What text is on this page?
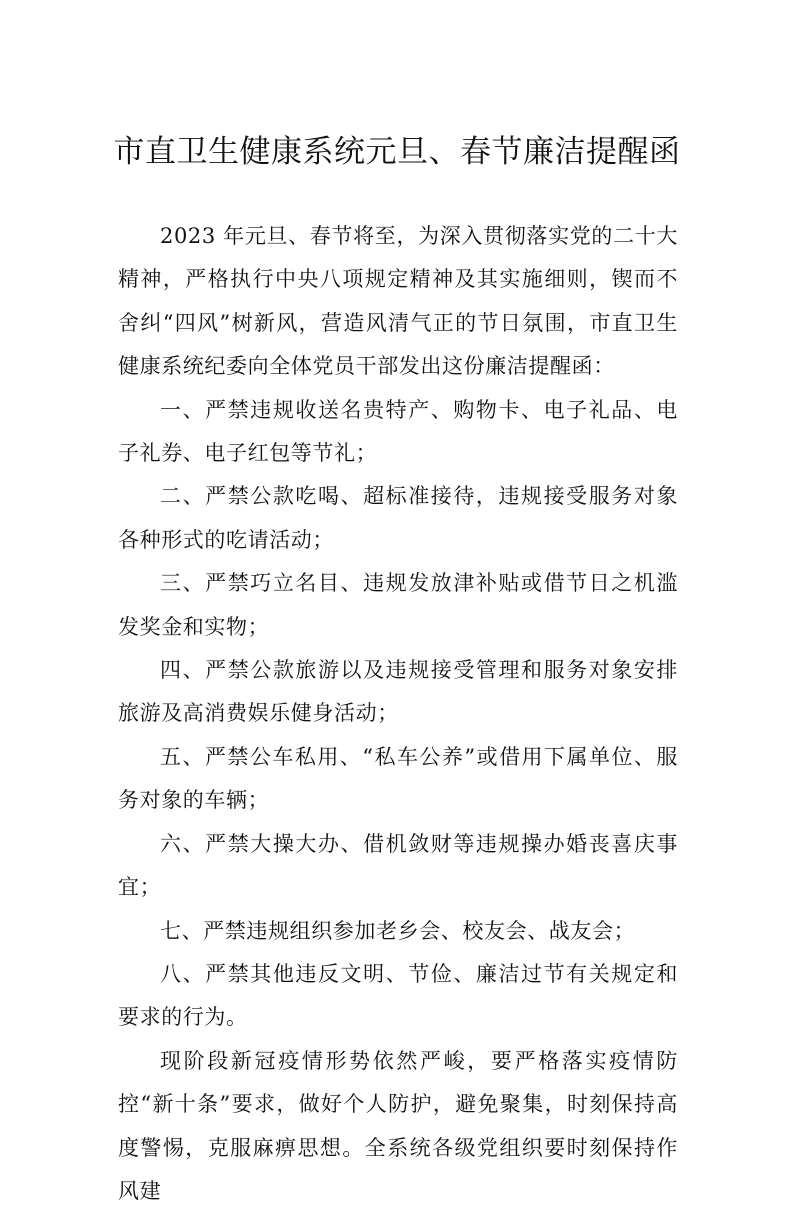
市直卫生健康系统元旦、春节廉洁提醒函

2023 年元旦、春节将至，为深入贯彻落实党的二十大精神，严格执行中央八项规定精神及其实施细则，锲而不舍纠“四风”树新风，营造风清气正的节日氛围，市直卫生健康系统纪委向全体党员干部发出这份廉洁提醒函：

一、严禁违规收送名贵特产、购物卡、电子礼品、电子礼券、电子红包等节礼；

二、严禁公款吃喝、超标准接待，违规接受服务对象各种形式的吃请活动；

三、严禁巧立名目、违规发放津补贴或借节日之机滥发奖金和实物；

四、严禁公款旅游以及违规接受管理和服务对象安排旅游及高消费娱乐健身活动；

五、严禁公车私用、“私车公养”或借用下属单位、服务对象的车辆；

六、严禁大操大办、借机敛财等违规操办婚丧喜庆事宜；

七、严禁违规组织参加老乡会、校友会、战友会；

八、严禁其他违反文明、节俭、廉洁过节有关规定和要求的行为。

现阶段新冠疫情形势依然严峻，要严格落实疫情防控“新十条”要求，做好个人防护，避免聚集，时刻保持高度警惕，克服麻痹思想。全系统各级党组织要时刻保持作风建
